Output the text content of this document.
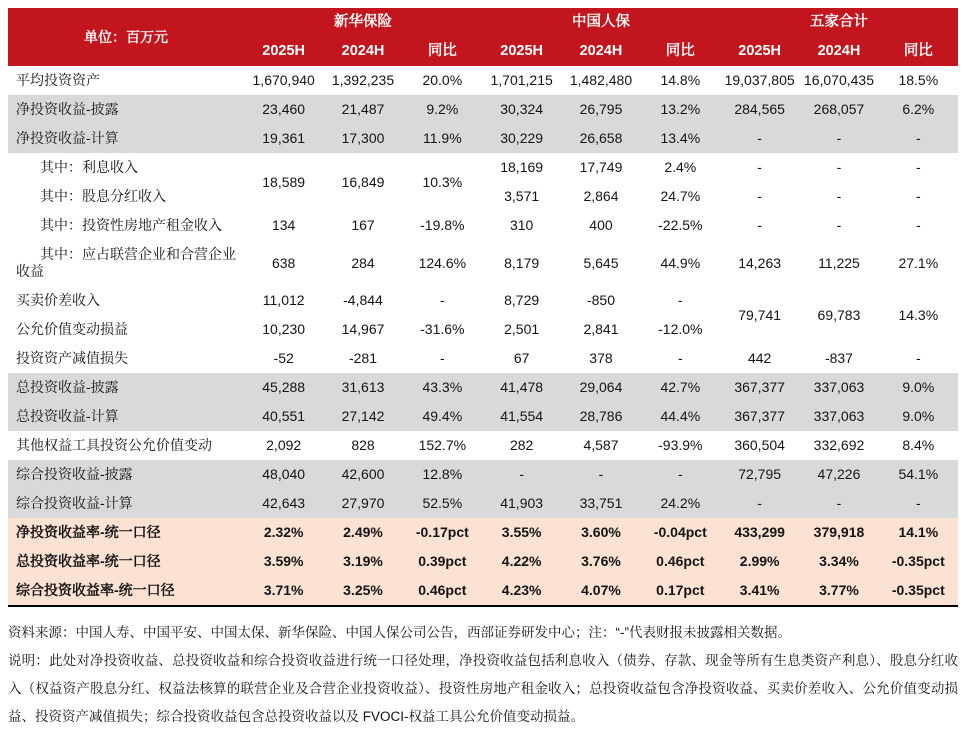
单位：百万元	新华保险			中国人保			五家合计		
	2025H	2024H	同比	2025H	2024H	同比	2025H	2024H	同比
平均投资资产	1,670,940	1,392,235	20.0%	1,701,215	1,482,480	14.8%	19,037,805	16,070,435	18.5%
净投资收益-披露	23,460	21,487	9.2%	30,324	26,795	13.2%	284,565	268,057	6.2%
净投资收益-计算	19,361	17,300	11.9%	30,229	26,658	13.4%	-	-	-
其中：利息收入	18,589	16,849	10.3%	18,169	17,749	2.4%	-	-	-
其中：股息分红收入				3,571	2,864	24.7%	-	-	-
其中：投资性房地产租金收入	134	167	-19.8%	310	400	-22.5%	-	-	-
其中：应占联营企业和合营企业收益	638	284	124.6%	8,179	5,645	44.9%	14,263	11,225	27.1%
买卖价差收入	11,012	-4,844	-	8,729	-850	-	79,741	69,783	14.3%
公允价值变动损益	10,230	14,967	-31.6%	2,501	2,841	-12.0%			
投资资产减值损失	-52	-281	-	67	378	-	442	-837	-
总投资收益-披露	45,288	31,613	43.3%	41,478	29,064	42.7%	367,377	337,063	9.0%
总投资收益-计算	40,551	27,142	49.4%	41,554	28,786	44.4%	367,377	337,063	9.0%
其他权益工具投资公允价值变动	2,092	828	152.7%	282	4,587	-93.9%	360,504	332,692	8.4%
综合投资收益-披露	48,040	42,600	12.8%	-	-	-	72,795	47,226	54.1%
综合投资收益-计算	42,643	27,970	52.5%	41,903	33,751	24.2%	-	-	-
净投资收益率-统一口径	2.32%	2.49%	-0.17pct	3.55%	3.60%	-0.04pct	433,299	379,918	14.1%
总投资收益率-统一口径	3.59%	3.19%	0.39pct	4.22%	3.76%	0.46pct	2.99%	3.34%	-0.35pct
综合投资收益率-统一口径	3.71%	3.25%	0.46pct	4.23%	4.07%	0.17pct	3.41%	3.77%	-0.35pct

资料来源：中国人寿、中国平安、中国太保、新华保险、中国人保公司公告，西部证券研发中心；注：“-”代表财报未披露相关数据。

说明：此处对净投资收益、总投资收益和综合投资收益进行统一口径处理，净投资收益包括利息收入（债券、存款、现金等所有生息类资产利息）、股息分红收入（权益资产股息分红、权益法核算的联营企业及合营企业投资收益）、投资性房地产租金收入；总投资收益包含净投资收益、买卖价差收入、公允价值变动损益、投资资产减值损失；综合投资收益包含总投资收益以及 FVOCI-权益工具公允价值变动损益。
